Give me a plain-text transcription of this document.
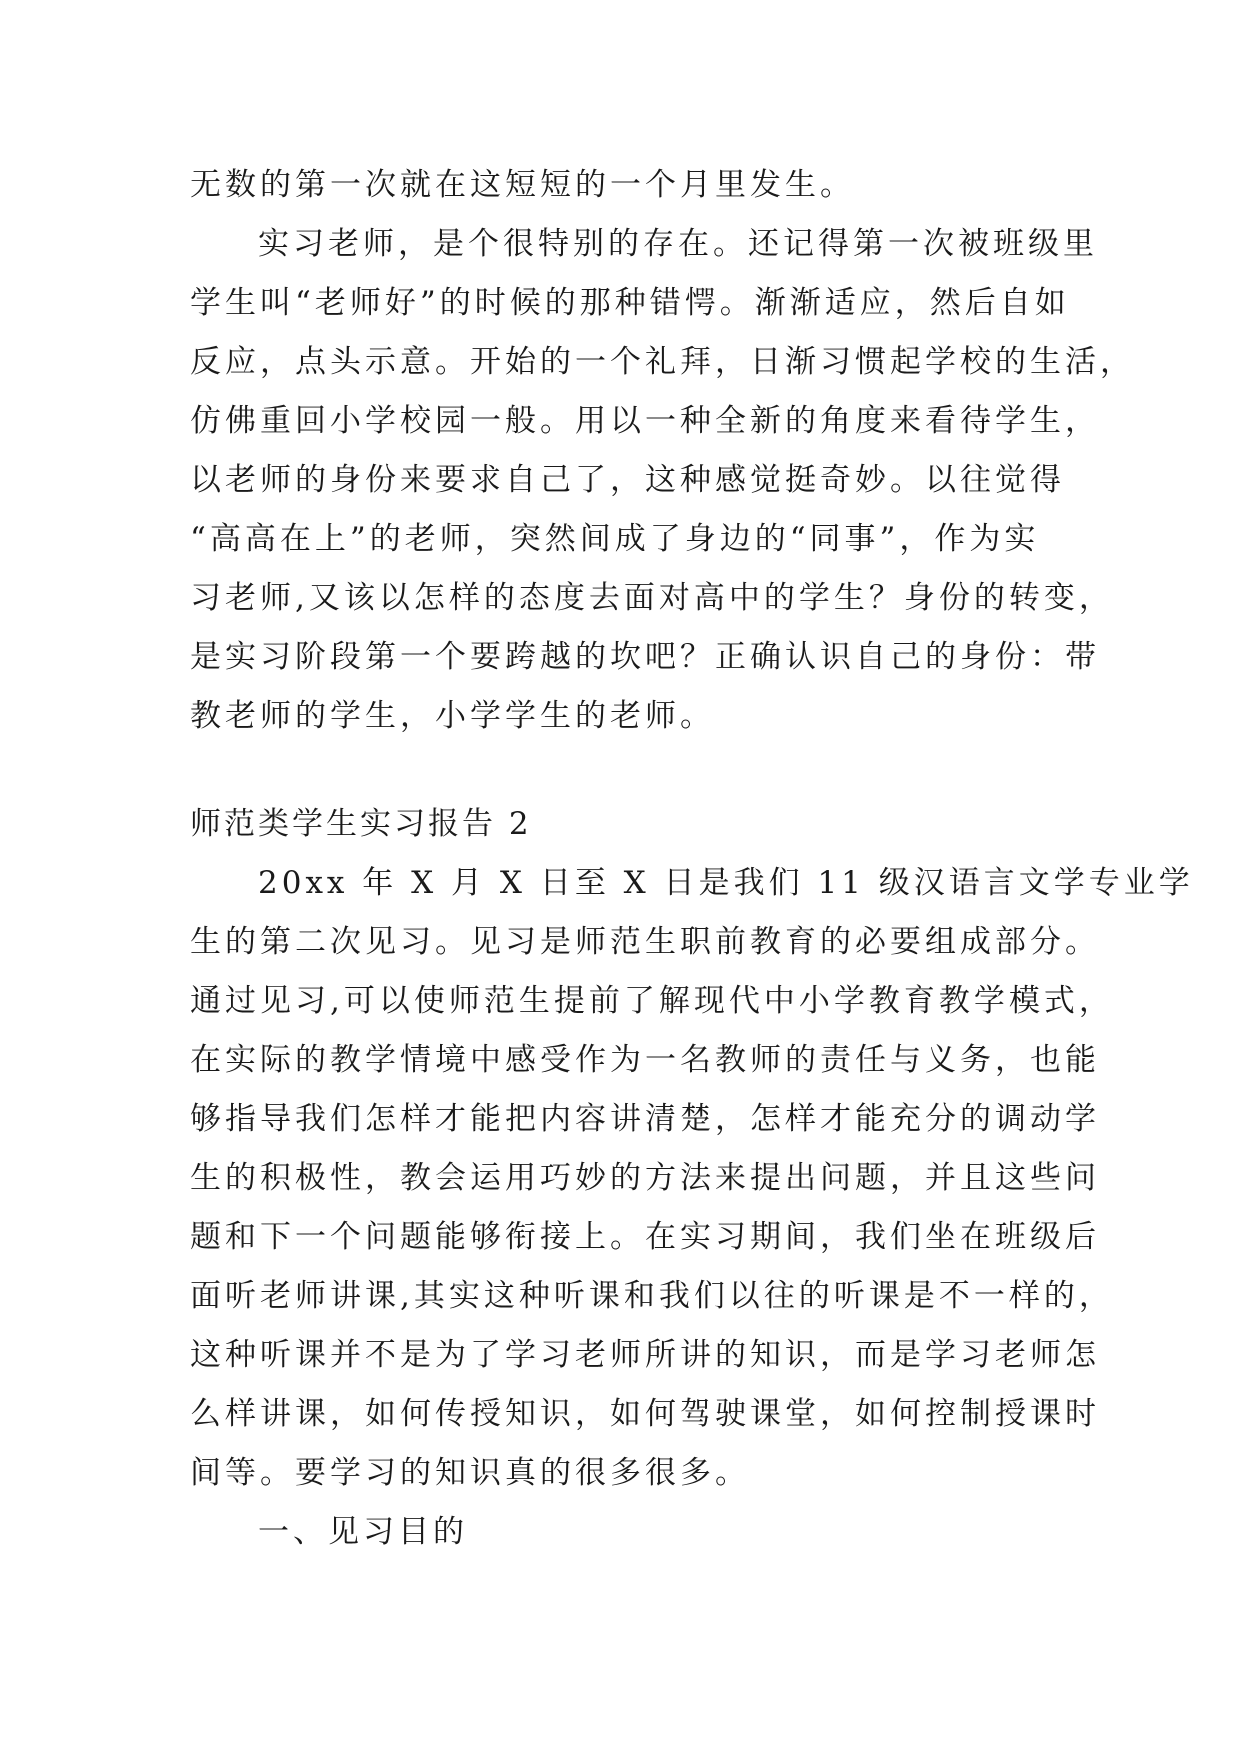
无数的第一次就在这短短的一个月里发生。
实习老师，是个很特别的存在。还记得第一次被班级里
学生叫“老师好”的时候的那种错愕。渐渐适应，然后自如
反应，点头示意。开始的一个礼拜，日渐习惯起学校的生活，
仿佛重回小学校园一般。用以一种全新的角度来看待学生，
以老师的身份来要求自己了，这种感觉挺奇妙。以往觉得
“高高在上”的老师，突然间成了身边的“同事”，作为实
习老师,又该以怎样的态度去面对高中的学生？身份的转变，
是实习阶段第一个要跨越的坎吧？正确认识自己的身份：带
教老师的学生，小学学生的老师。
师范类学生实习报告 2
20xx 年 X 月 X 日至 X 日是我们 11 级汉语言文学专业学
生的第二次见习。见习是师范生职前教育的必要组成部分。
通过见习,可以使师范生提前了解现代中小学教育教学模式，
在实际的教学情境中感受作为一名教师的责任与义务，也能
够指导我们怎样才能把内容讲清楚，怎样才能充分的调动学
生的积极性，教会运用巧妙的方法来提出问题，并且这些问
题和下一个问题能够衔接上。在实习期间，我们坐在班级后
面听老师讲课,其实这种听课和我们以往的听课是不一样的，
这种听课并不是为了学习老师所讲的知识，而是学习老师怎
么样讲课，如何传授知识，如何驾驶课堂，如何控制授课时
间等。要学习的知识真的很多很多。
一、见习目的
